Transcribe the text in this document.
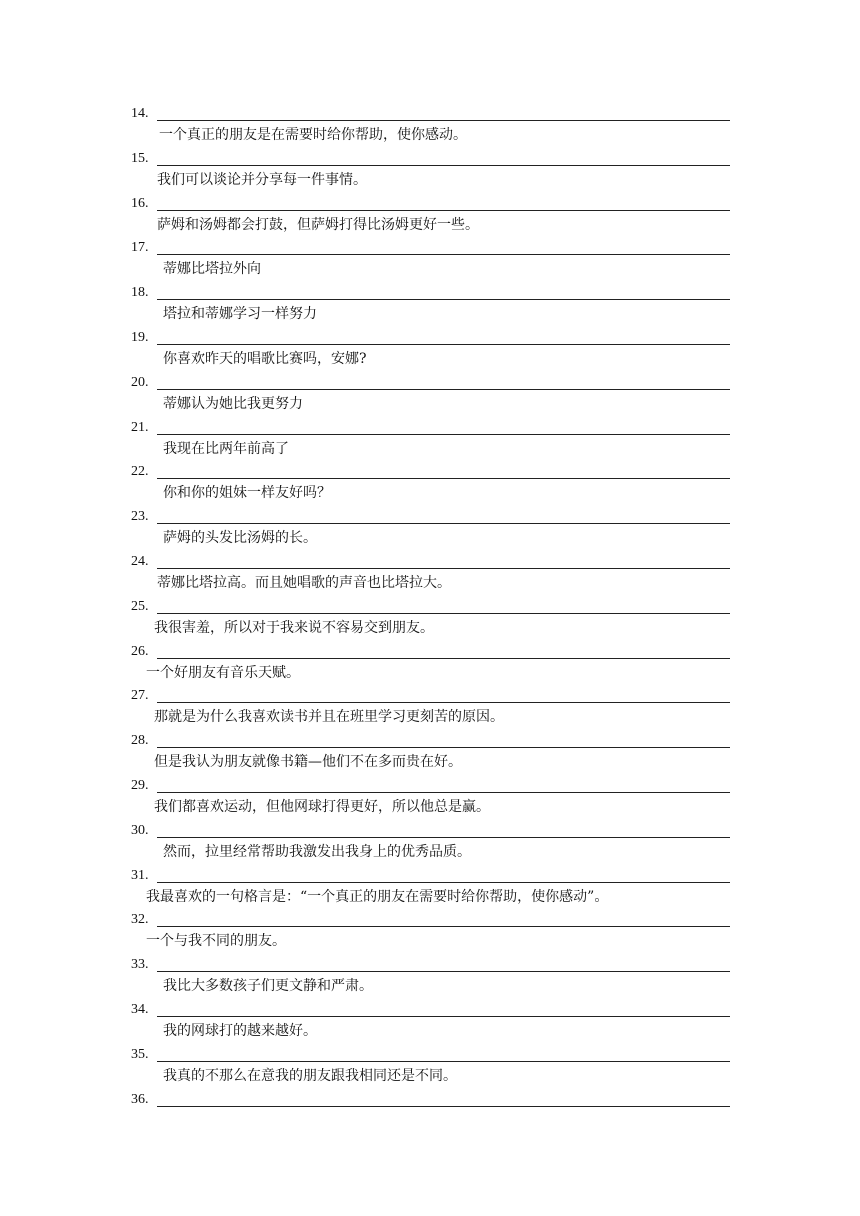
14.
一个真正的朋友是在需要时给你帮助，使你感动。
15.
我们可以谈论并分享每一件事情。
16.
萨姆和汤姆都会打鼓，但萨姆打得比汤姆更好一些。
17.
蒂娜比塔拉外向
18.
塔拉和蒂娜学习一样努力
19.
你喜欢昨天的唱歌比赛吗，安娜?
20.
蒂娜认为她比我更努力
21.
我现在比两年前高了
22.
你和你的姐妹一样友好吗？
23.
萨姆的头发比汤姆的长。
24.
蒂娜比塔拉高。而且她唱歌的声音也比塔拉大。
25.
我很害羞，所以对于我来说不容易交到朋友。
26.
一个好朋友有音乐天赋。
27.
那就是为什么我喜欢读书并且在班里学习更刻苦的原因。
28.
但是我认为朋友就像书籍—他们不在多而贵在好。
29.
我们都喜欢运动，但他网球打得更好，所以他总是赢。
30.
然而，拉里经常帮助我激发出我身上的优秀品质。
31.
我最喜欢的一句格言是：“一个真正的朋友在需要时给你帮助，使你感动”。
32.
一个与我不同的朋友。
33.
我比大多数孩子们更文静和严肃。
34.
我的网球打的越来越好。
35.
我真的不那么在意我的朋友跟我相同还是不同。
36.
